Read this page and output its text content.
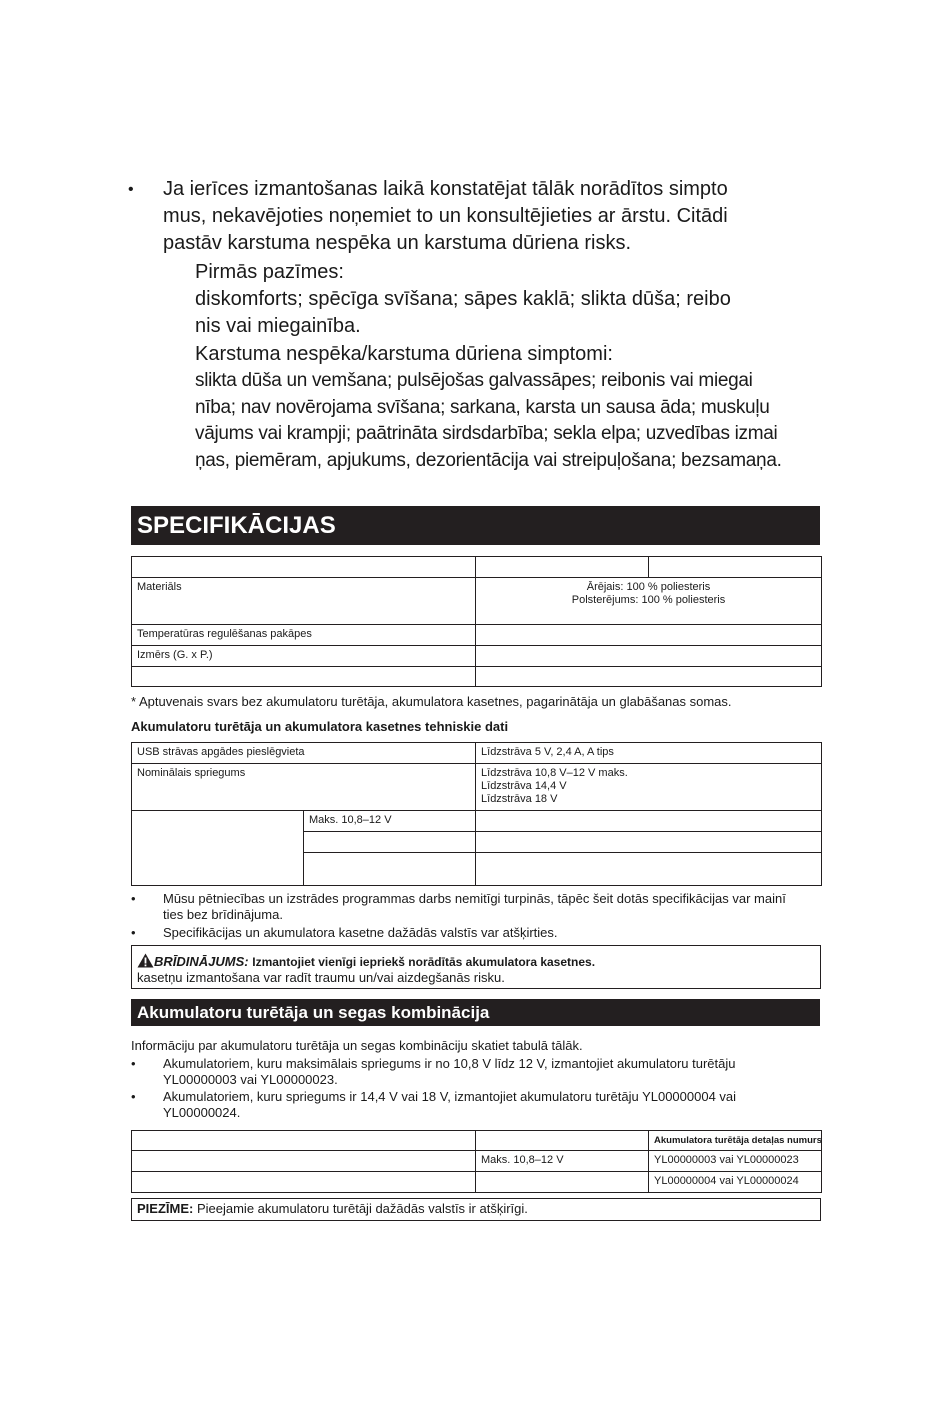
• Ja ierīces izmantošanas laikā konstatējat tālāk norādītos simpto
mus, nekavējoties noņemiet to un konsultējieties ar ārstu. Citādi
pastāv karstuma nespēka un karstuma dūriena risks.
Pirmās pazīmes:
diskomforts; spēcīga svīšana; sāpes kaklā; slikta dūša; reibo
nis vai miegainība.
Karstuma nespēka/karstuma dūriena simptomi:
slikta dūša un vemšana; pulsējošas galvassāpes; reibonis vai miegai
nība; nav novērojama svīšana; sarkana, karsta un sausa āda; muskuļu
vājums vai krampji; paātrināta sirdsdarbība; sekla elpa; uzvedības izmai
ņas, piemēram, apjukums, dezorientācija vai streipuļošana; bezsamaņa.
SPECIFIKĀCIJAS

Materiāls	Ārējais: 100 % poliesteris
Polsterējums: 100 % poliesteris	

Temperatūras regulēšanas pakāpes		
Izmērs (G. x P.)		

* Aptuvenais svars bez akumulatoru turētāja, akumulatora kasetnes, pagarinātāja un glabāšanas somas.
Akumulatoru turētāja un akumulatora kasetnes tehniskie dati
USB strāvas apgādes pieslēgvieta		Līdzstrāva 5 V, 2,4 A, A tips
Nominālais spriegums		Līdzstrāva 10,8 V–12 V maks.
Līdzstrāva 14,4 V
Līdzstrāva 18 V

	Maks. 10,8–12 V	

• Mūsu pētniecības un izstrādes programmas darbs nemitīgi turpinās, tāpēc šeit dotās specifikācijas var mainī
ties bez brīdinājuma.
• Specifikācijas un akumulatora kasetne dažādās valstīs var atšķirties.
BRĪDINĀJUMS: Izmantojiet vienīgi iepriekš norādītās akumulatora kasetnes.
kasetņu izmantošana var radīt traumu un/vai aizdegšanās risku.
Akumulatoru turētāja un segas kombinācija
Informāciju par akumulatoru turētāja un segas kombināciju skatiet tabulā tālāk.
• Akumulatoriem, kuru maksimālais spriegums ir no 10,8 V līdz 12 V, izmantojiet akumulatoru turētāju
YL00000003 vai YL00000023.
• Akumulatoriem, kuru spriegums ir 14,4 V vai 18 V, izmantojiet akumulatoru turētāju YL00000004 vai
YL00000024.
		Akumulatora turētāja detaļas numurs
	Maks. 10,8–12 V	YL00000003 vai YL00000023
		YL00000004 vai YL00000024
PIEZĪME: Pieejamie akumulatoru turētāji dažādās valstīs ir atšķirīgi.
